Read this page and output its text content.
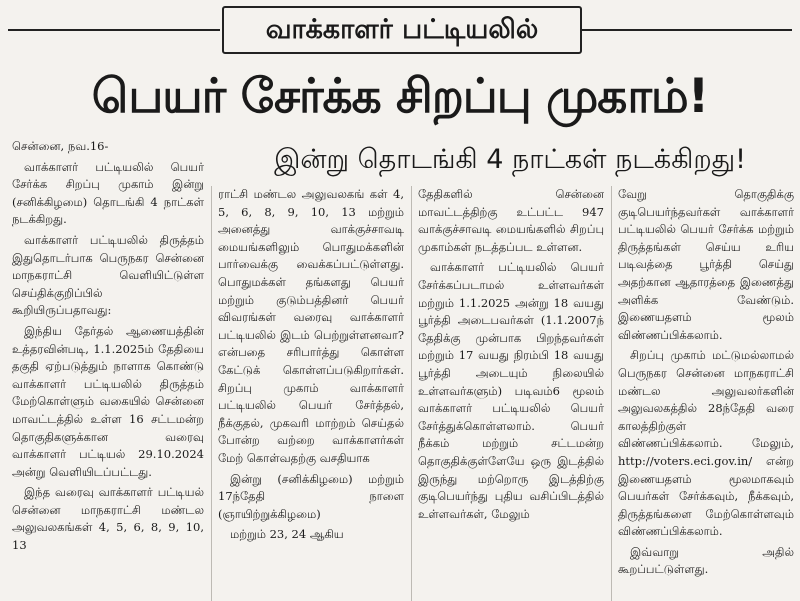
வாக்காளர் பட்டியலில்
பெயர் சேர்க்க சிறப்பு முகாம்!
இன்று தொடங்கி 4 நாட்கள் நடக்கிறது!

சென்னை, நவ.16-

வாக்காளர் பட்டியலில் பெயர் சேர்க்க சிறப்பு முகாம் இன்று (சனிக்கிழமை) தொடங்கி 4 நாட்கள் நடக்கிறது.

வாக்காளர் பட்டியலில் திருத்தம் இதுதொடர்பாக பெருநகர சென்னை மாநகராட்சி வெளியிட்டுள்ள செய்திக்குறிப்பில் கூறியிருப்பதாவது:

இந்திய தேர்தல் ஆணையத்தின் உத்தரவின்படி, 1.1.2025ம் தேதியை தகுதி ஏற்படுத்தும் நாளாக கொண்டு வாக்காளர் பட்டியலில் திருத்தம் மேற்கொள்ளும் வகையில் சென்னை மாவட்டத்தில் உள்ள 16 சட்டமன்ற தொகுதிகளுக்கான வரைவு வாக்காளர் பட்டியல் 29.10.2024 அன்று வெளியிடப்பட்டது.

இந்த வரைவு வாக்காளர் பட்டியல் சென்னை மாநகராட்சி மண்டல அலுவலகங்கள் 4, 5, 6, 8, 9, 10, 13

ராட்சி மண்டல அலுவலகங் கள் 4, 5, 6, 8, 9, 10, 13 மற்றும் அனைத்து வாக்குச்சாவடி மையங்களிலும் பொதுமக்களின் பார்வைக்கு வைக்கப்பட்டுள்ளது. பொதுமக்கள் தங்களது பெயர் மற்றும் குடும்பத்தினர் பெயர் விவரங்கள் வரைவு வாக்காளர் பட்டியலில் இடம் பெற்றுள்ளனவா? என்பதை சரிபார்த்து கொள்ள கேட்டுக் கொள்ளப்படுகிறார்கள். சிறப்பு முகாம் வாக்காளர் பட்டியலில் பெயர் சேர்த்தல், நீக்குதல், முகவரி மாற்றம் செய்தல் போன்ற வற்றை வாக்காளர்கள் மேற் கொள்வதற்கு வசதியாக

இன்று (சனிக்கிழமை) மற்றும் 17ந்தேதி நாளை (ஞாயிற்றுக்கிழமை)

மற்றும் 23, 24 ஆகிய

தேதிகளில் சென்னை மாவட்டத்திற்கு உட்பட்ட 947 வாக்குச்சாவடி மையங்களில் சிறப்பு முகாம்கள் நடத்தப்பட உள்ளன.

வாக்காளர் பட்டியலில் பெயர் சேர்க்கப்படாமல் உள்ளவர்கள் மற்றும் 1.1.2025 அன்று 18 வயது பூர்த்தி அடைபவர்கள் (1.1.2007ந் தேதிக்கு முன்பாக பிறந்தவர்கள் மற்றும் 17 வயது நிரம்பி 18 வயது பூர்த்தி அடையும் நிலையில் உள்ளவர்களும்) படிவம்6 மூலம் வாக்காளர் பட்டியலில் பெயர் சேர்த்துக்கொள்ளலாம். பெயர் நீக்கம் மற்றும் சட்டமன்ற தொகுதிக்குள்ளேயே ஒரு இடத்தில் இருந்து மற்றொரு இடத்திற்கு குடிபெயர்ந்து புதிய வசிப்பிடத்தில் உள்ளவர்கள், மேலும்

வேறு தொகுதிக்கு குடிபெயர்ந்தவர்கள் வாக்காளர் பட்டியலில் பெயர் சேர்க்க மற்றும் திருத்தங்கள் செய்ய உரிய படிவத்தை பூர்த்தி செய்து அதற்கான ஆதாரத்தை இணைத்து அளிக்க வேண்டும். இணையதளம் மூலம் விண்ணப்பிக்கலாம்.

சிறப்பு முகாம் மட்டுமல்லாமல் பெருநகர சென்னை மாநகராட்சி மண்டல அலுவலர்களின் அலுவலகத்தில் 28ந்தேதி வரை காலத்திற்குள் விண்ணப்பிக்கலாம். மேலும், http://voters.eci.gov.in/ என்ற இணையதளம் மூலமாகவும் பெயர்கள் சேர்க்கவும், நீக்கவும், திருத்தங்களை மேற்கொள்ளவும் விண்ணப்பிக்கலாம்.

இவ்வாறு அதில் கூறப்பட்டுள்ளது.
